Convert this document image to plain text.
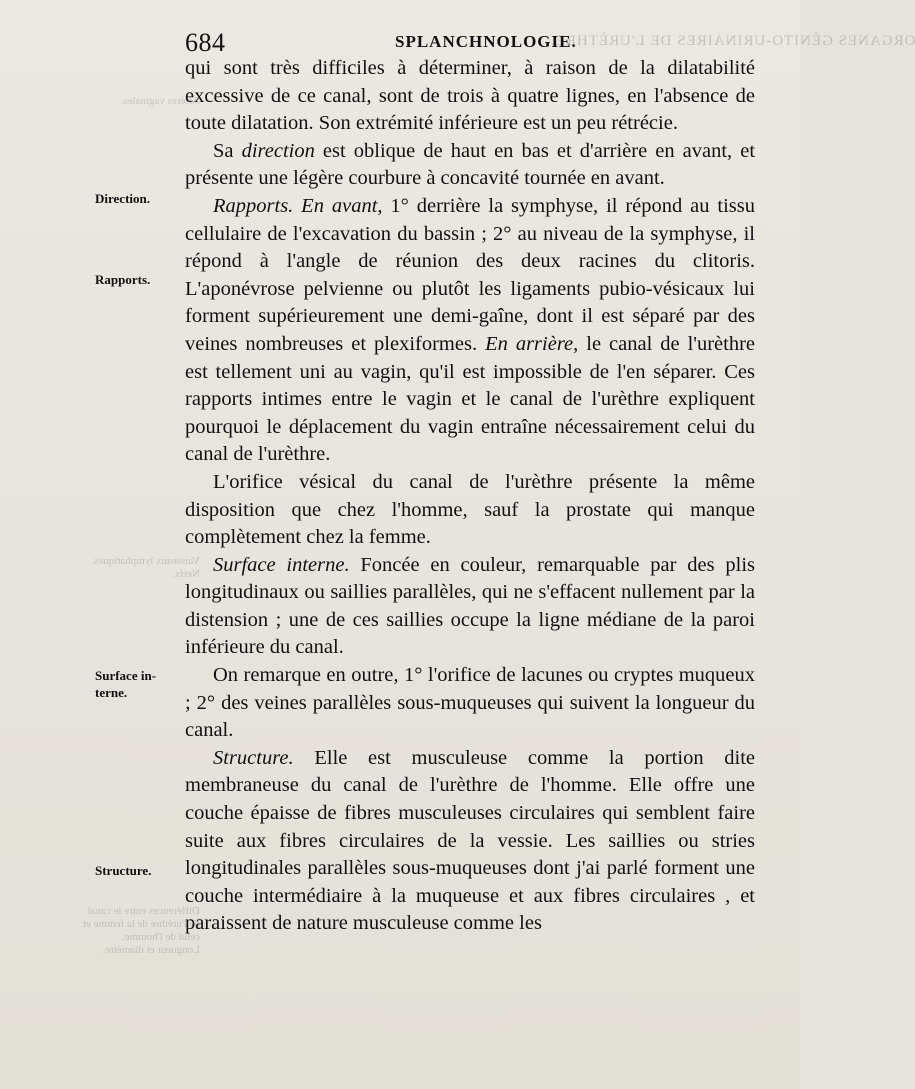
684	SPLANCHNOLOGIE.
ORGANES GÉNITO-URINAIRES DE L'URÈTHRE.
Artères vaginales.
Vaisseaux lymphatiques. Nerfs.
Différences entre le canal de l'urèthre de la femme et celui de l'homme. Longueur et diamètre.
Direction.
Rapports.
Surface in- terne.
Structure.

qui sont très difficiles à déterminer, à raison de la dilatabilité excessive de ce canal, sont de trois à quatre lignes, en l'absence de toute dilatation. Son extrémité inférieure est un peu rétrécie.

Sa direction est oblique de haut en bas et d'arrière en avant, et présente une légère courbure à concavité tournée en avant.

Rapports. En avant, 1° derrière la symphyse, il répond au tissu cellulaire de l'excavation du bassin ; 2° au niveau de la symphyse, il répond à l'angle de réunion des deux racines du clitoris. L'aponévrose pelvienne ou plutôt les ligaments pubio-vésicaux lui forment supérieurement une demi-gaîne, dont il est séparé par des veines nombreuses et plexiformes. En arrière, le canal de l'urèthre est tellement uni au vagin, qu'il est impossible de l'en séparer. Ces rapports intimes entre le vagin et le canal de l'urèthre expliquent pourquoi le déplacement du vagin entraîne nécessairement celui du canal de l'urèthre.

L'orifice vésical du canal de l'urèthre présente la même disposition que chez l'homme, sauf la prostate qui manque complètement chez la femme.

Surface interne. Foncée en couleur, remarquable par des plis longitudinaux ou saillies parallèles, qui ne s'effacent nullement par la distension ; une de ces saillies occupe la ligne médiane de la paroi inférieure du canal.

On remarque en outre, 1° l'orifice de lacunes ou cryptes muqueux ; 2° des veines parallèles sous-muqueuses qui suivent la longueur du canal.

Structure. Elle est musculeuse comme la portion dite membraneuse du canal de l'urèthre de l'homme. Elle offre une couche épaisse de fibres musculeuses circulaires qui semblent faire suite aux fibres circulaires de la vessie. Les saillies ou stries longitudinales parallèles sous-muqueuses dont j'ai parlé forment une couche intermédiaire à la muqueuse et aux fibres circulaires , et paraissent de nature musculeuse comme les
